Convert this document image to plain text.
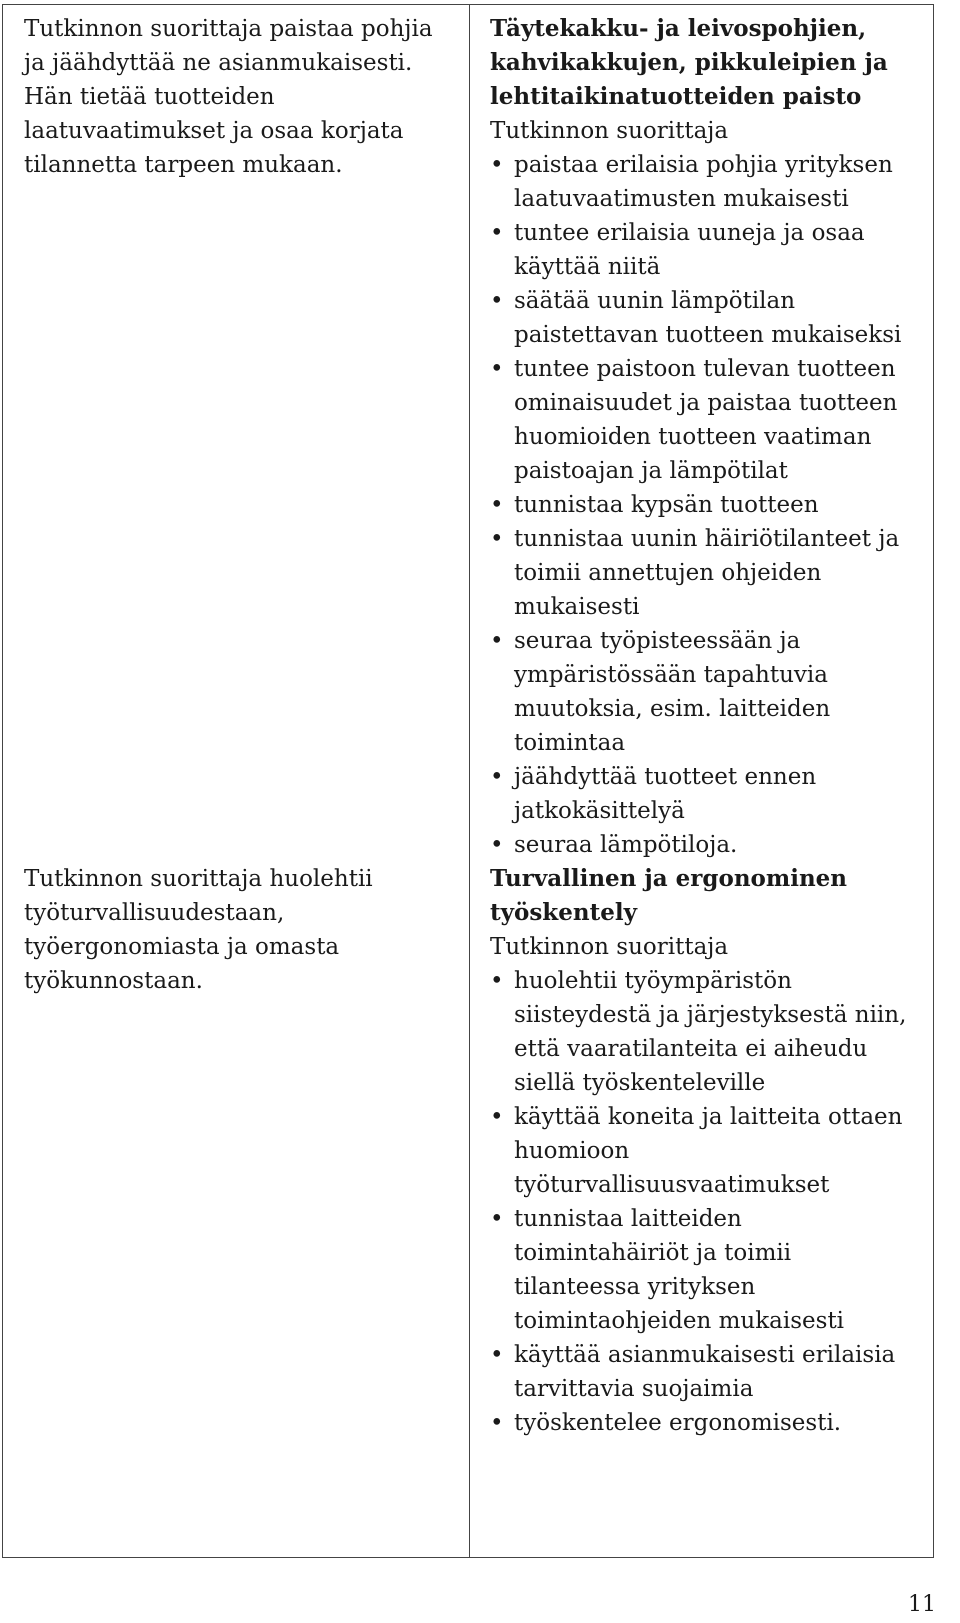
Tutkinnon suorittaja paistaa pohjia ja jäähdyttää ne asianmukaisesti. Hän tietää tuotteiden laatuvaatimukset ja osaa korjata tilannetta tarpeen mukaan.
Tutkinnon suorittaja huolehtii työturvallisuudestaan, työergonomiasta ja omasta työkunnostaan.
Täytekakku- ja leivospohjien, kahvikakkujen, pikkuleipien ja lehtitaikinatuotteiden paisto
Tutkinnon suorittaja
• paistaa erilaisia pohjia yrityksen laatuvaatimusten mukaisesti
• tuntee erilaisia uuneja ja osaa käyttää niitä
• säätää uunin lämpötilan paistettavan tuotteen mukaiseksi
• tuntee paistoon tulevan tuotteen ominaisuudet ja paistaa tuotteen huomioiden tuotteen vaatiman paistoajan ja lämpötilat
• tunnistaa kypsän tuotteen
• tunnistaa uunin häiriötilanteet ja toimii annettujen ohjeiden mukaisesti
• seuraa työpisteessään ja ympäristössään tapahtuvia muutoksia, esim. laitteiden toimintaa
• jäähdyttää tuotteet ennen jatkokäsittelyä
• seuraa lämpötiloja.
Turvallinen ja ergonominen työskentely
Tutkinnon suorittaja
• huolehtii työympäristön siisteydestä ja järjestyksestä niin, että vaaratilanteita ei aiheudu siellä työskenteleville
• käyttää koneita ja laitteita ottaen huomioon työturvallisuusvaatimukset
• tunnistaa laitteiden toimintahäiriöt ja toimii tilanteessa yrityksen toimintaohjeiden mukaisesti
• käyttää asianmukaisesti erilaisia tarvittavia suojaimia
• työskentelee ergonomisesti.
11
